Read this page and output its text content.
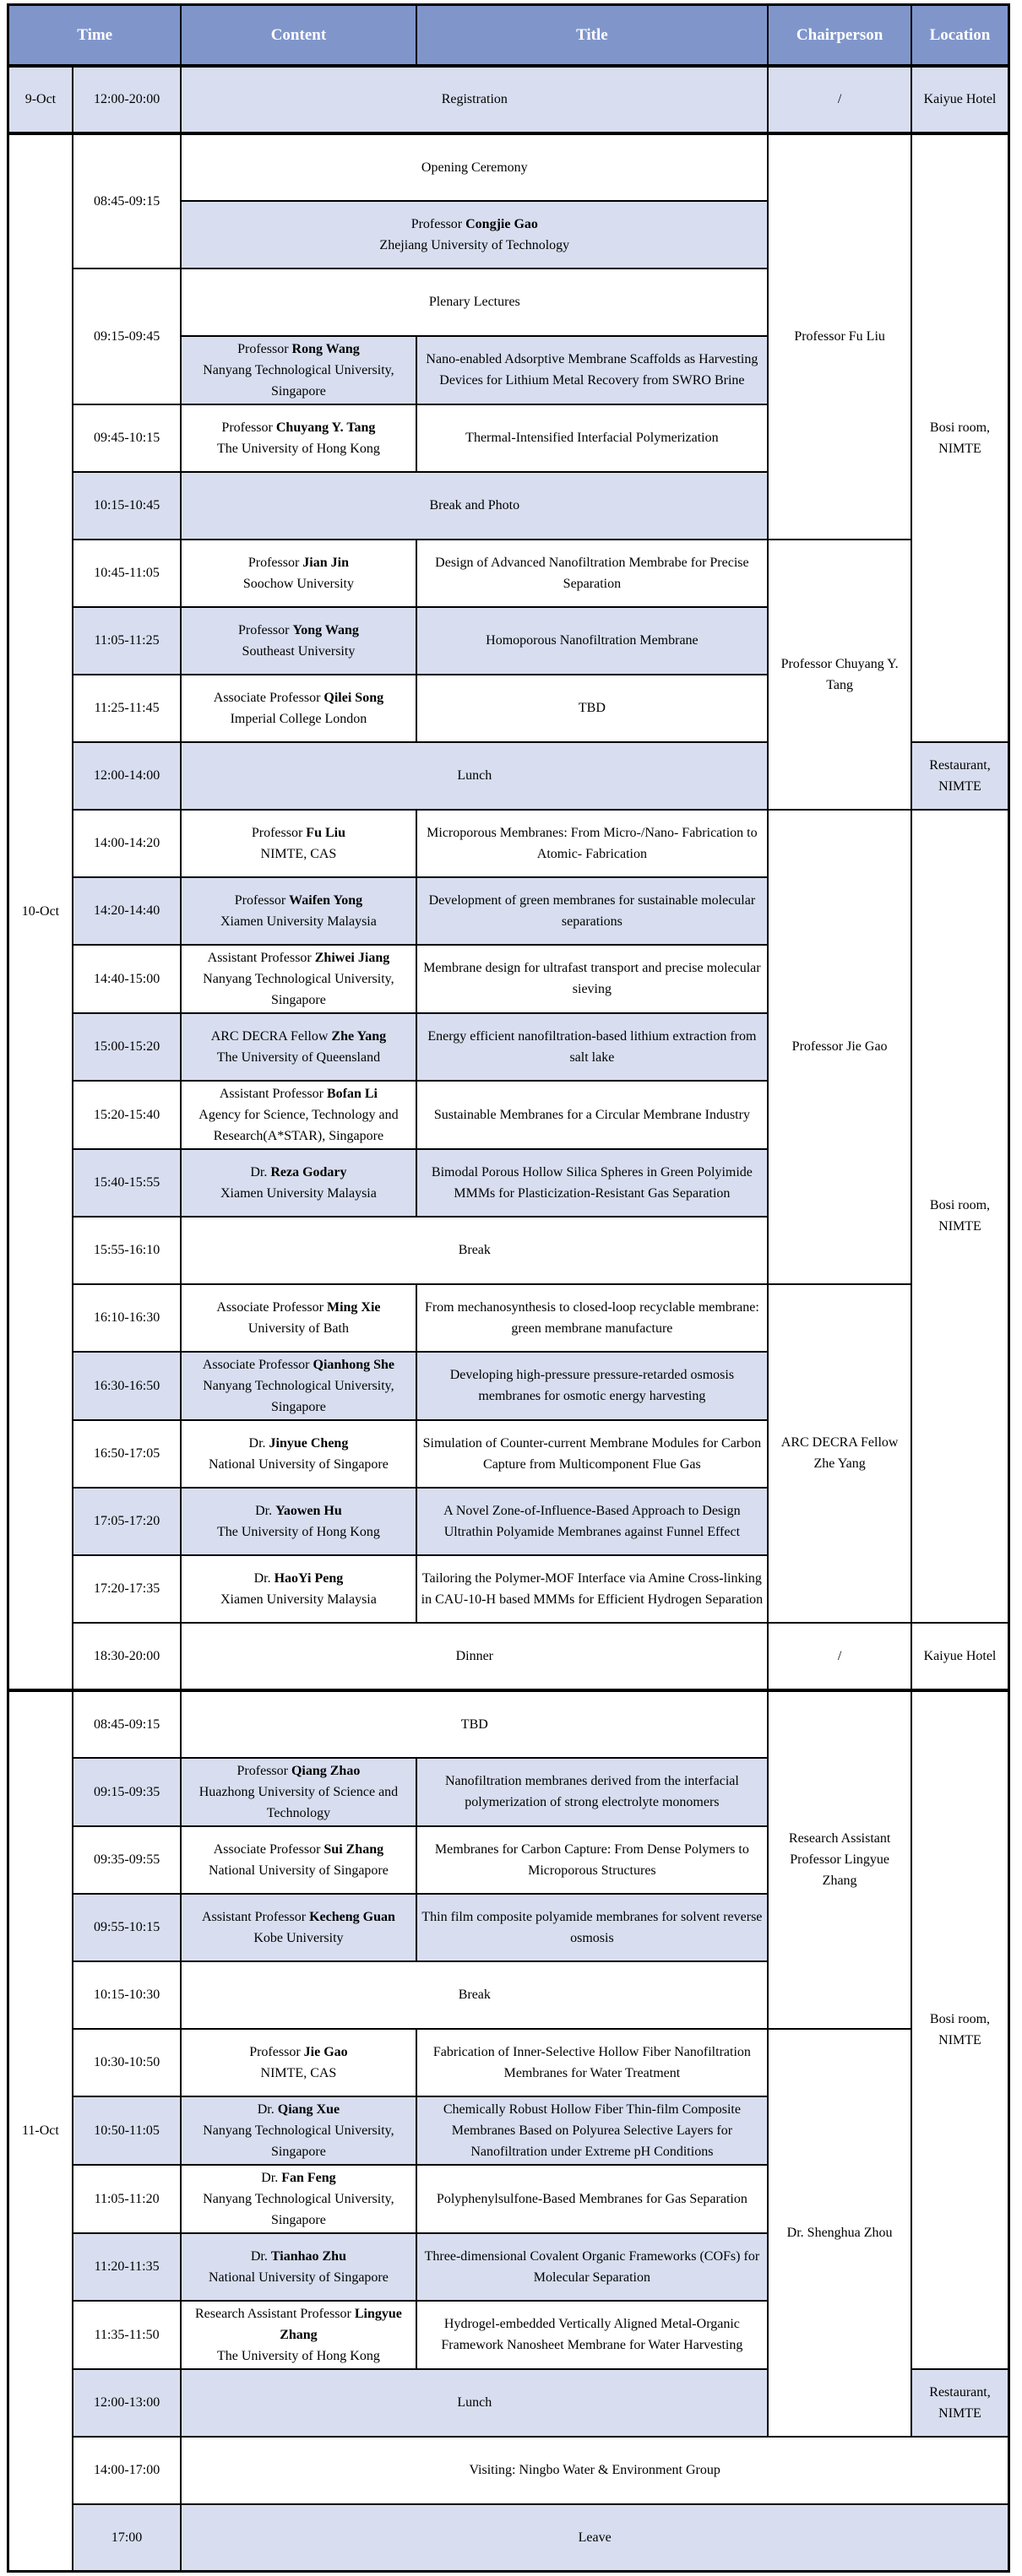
Time		Content	Title	Chairperson	Location
9-Oct	12:00-20:00	Registration		/	Kaiyue Hotel
10-Oct	08:45-09:15	Opening Ceremony		Professor Fu Liu	Bosi room, NIMTE

		Professor Congjie Gao
Zhejiang University of Technology			

	09:15-09:45	Plenary Lectures			

		Professor Rong Wang
Nanyang Technological University, Singapore	Nano-enabled Adsorptive Membrane Scaffolds as Harvesting Devices for Lithium Metal Recovery from SWRO Brine		
	09:45-10:15	Professor Chuyang Y. Tang
The University of Hong Kong	Thermal-Intensified Interfacial Polymerization		
	10:15-10:45	Break and Photo			
	10:45-11:05	Professor Jian Jin
Soochow University	Design of Advanced Nanofiltration Membrabe for Precise Separation	Professor Chuyang Y. Tang	
	11:05-11:25	Professor Yong Wang
Southeast University	Homoporous Nanofiltration Membrane		
	11:25-11:45	Associate Professor Qilei Song
Imperial College London	TBD		
	12:00-14:00	Lunch			Restaurant, NIMTE
	14:00-14:20	Professor Fu Liu
NIMTE, CAS	Microporous Membranes: From Micro-/Nano- Fabrication to Atomic- Fabrication	Professor Jie Gao	Bosi room, NIMTE
	14:20-14:40	Professor Waifen Yong
Xiamen University Malaysia	Development of green membranes for sustainable molecular separations		
	14:40-15:00	Assistant Professor Zhiwei Jiang
Nanyang Technological University, Singapore	Membrane design for ultrafast transport and precise molecular sieving		
	15:00-15:20	ARC DECRA Fellow Zhe Yang
The University of Queensland	Energy efficient nanofiltration-based lithium extraction from salt lake		
	15:20-15:40	Assistant Professor Bofan Li
Agency for Science, Technology and Research(A*STAR), Singapore	Sustainable Membranes for a Circular Membrane Industry		
	15:40-15:55	Dr. Reza Godary
Xiamen University Malaysia	Bimodal Porous Hollow Silica Spheres in Green Polyimide MMMs for Plasticization-Resistant Gas Separation		
	15:55-16:10	Break			
	16:10-16:30	Associate Professor Ming Xie
University of Bath	From mechanosynthesis to closed-loop recyclable membrane: green membrane manufacture	ARC DECRA Fellow Zhe Yang	
	16:30-16:50	Associate Professor Qianhong She
Nanyang Technological University, Singapore	Developing high-pressure pressure-retarded osmosis membranes for osmotic energy harvesting		
	16:50-17:05	Dr. Jinyue Cheng
National University of Singapore	Simulation of Counter-current Membrane Modules for Carbon Capture from Multicomponent Flue Gas		
	17:05-17:20	Dr. Yaowen Hu
The University of Hong Kong	A Novel Zone-of-Influence-Based Approach to Design Ultrathin Polyamide Membranes against Funnel Effect		
	17:20-17:35	Dr. HaoYi Peng
Xiamen University Malaysia	Tailoring the Polymer-MOF Interface via Amine Cross-linking in CAU-10-H based MMMs for Efficient Hydrogen Separation		
	18:30-20:00	Dinner		/	Kaiyue Hotel
11-Oct	08:45-09:15	TBD		Research Assistant Professor Lingyue Zhang	Bosi room, NIMTE
	09:15-09:35	Professor Qiang Zhao
Huazhong University of Science and Technology	Nanofiltration membranes derived from the interfacial polymerization of strong electrolyte monomers		
	09:35-09:55	Associate Professor Sui Zhang
National University of Singapore	Membranes for Carbon Capture: From Dense Polymers to Microporous Structures		
	09:55-10:15	Assistant Professor Kecheng Guan
Kobe University	Thin film composite polyamide membranes for solvent reverse osmosis		
	10:15-10:30	Break			
	10:30-10:50	Professor Jie Gao
NIMTE, CAS	Fabrication of Inner-Selective Hollow Fiber Nanofiltration Membranes for Water Treatment	Dr. Shenghua Zhou	
	10:50-11:05	Dr. Qiang Xue
Nanyang Technological University, Singapore	Chemically Robust Hollow Fiber Thin-film Composite Membranes Based on Polyurea Selective Layers for Nanofiltration under Extreme pH Conditions		
	11:05-11:20	Dr. Fan Feng
Nanyang Technological University, Singapore	Polyphenylsulfone-Based Membranes for Gas Separation		
	11:20-11:35	Dr. Tianhao Zhu
National University of Singapore	Three-dimensional Covalent Organic Frameworks (COFs) for Molecular Separation		
	11:35-11:50	Research Assistant Professor Lingyue Zhang
The University of Hong Kong	Hydrogel-embedded Vertically Aligned Metal-Organic Framework Nanosheet Membrane for Water Harvesting		
	12:00-13:00	Lunch			Restaurant, NIMTE
	14:00-17:00	Visiting: Ningbo Water & Environment Group			
	17:00	Leave			
